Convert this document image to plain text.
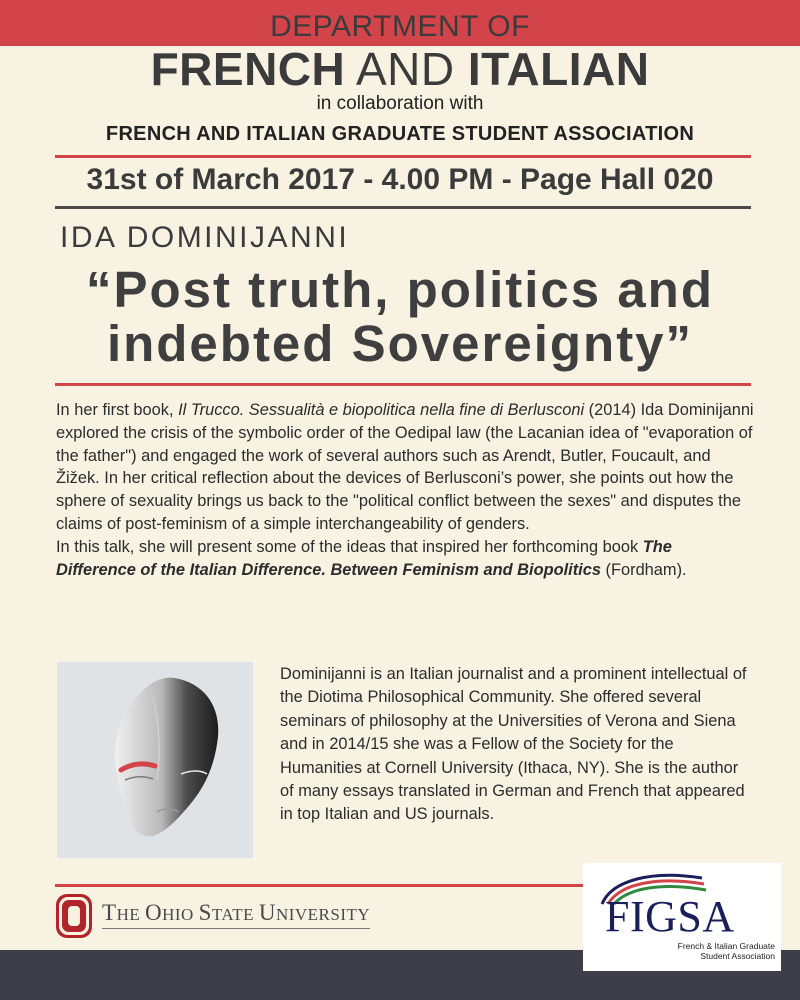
DEPARTMENT OF
FRENCH AND ITALIAN
in collaboration with
FRENCH AND ITALIAN GRADUATE STUDENT ASSOCIATION
31st of March 2017 - 4.00 PM - Page Hall 020
IDA DOMINIJANNI
“Post truth, politics and
indebted Sovereignty”

In her first book, Il Trucco. Sessualità e biopolitica nella fine di Berlusconi (2014) Ida Dominijanni explored the crisis of the symbolic order of the Oedipal law (the Lacanian idea of "evaporation of the father") and engaged the work of several authors such as Arendt, Butler, Foucault, and Žižek. In her critical reflection about the devices of Berlusconi’s power, she points out how the sphere of sexuality brings us back to the "political conflict between the sexes" and disputes the claims of post-feminism of a simple interchangeability of genders.

In this talk, she will present some of the ideas that inspired her forthcoming book The Difference of the Italian Difference. Between Feminism and Biopolitics (Fordham).

Dominijanni is an Italian journalist and a prominent intellectual of the Diotima Philosophical Community. She offered several seminars of philosophy at the Universities of Verona and Siena and in 2014/15 she was a Fellow of the Society for the Humanities at Cornell University (Ithaca, NY). She is the author of many essays translated in German and French that appeared in top Italian and US journals.
THE OHIO STATE UNIVERSITY	FIGSA
French & Italian Graduate
Student Association
